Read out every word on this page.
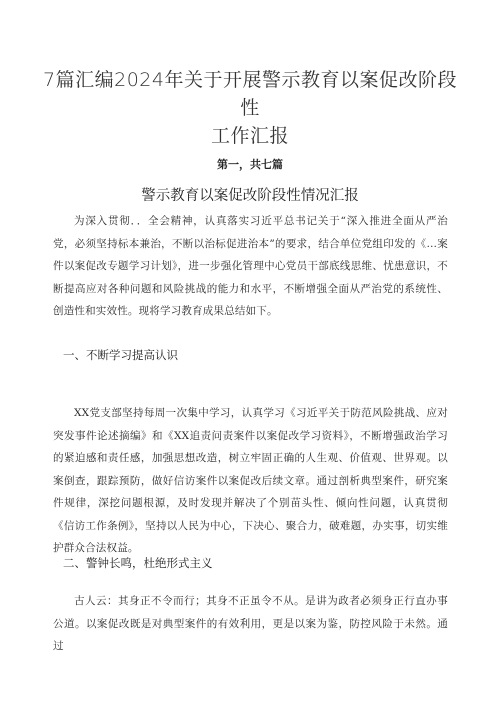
7篇汇编2024年关于开展警示教育以案促改阶段性
工作汇报
第一，共七篇
警示教育以案促改阶段性情况汇报
为深入贯彻．．全会精神，认真落实习近平总书记关于“深入推进全面从严治党，必须坚持标本兼治，不断以治标促进治本”的要求，结合单位党组印发的《…案件以案促改专题学习计划》，进一步强化管理中心党员干部底线思维、忧患意识，不断提高应对各种问题和风险挑战的能力和水平，不断增强全面从严治党的系统性、创造性和实效性。现将学习教育成果总结如下。
一、不断学习提高认识
XX党支部坚持每周一次集中学习，认真学习《习近平关于防范风险挑战、应对突发事件论述摘编》和《XX追责问责案件以案促改学习资料》，不断增强政治学习的紧迫感和责任感，加强思想改造，树立牢固正确的人生观、价值观、世界观。以案倒查，跟踪预防，做好信访案件以案促改后续文章。通过剖析典型案件，研究案件规律，深挖问题根源，及时发现并解决了个别苗头性、倾向性问题，认真贯彻《信访工作条例》，坚持以人民为中心，下决心、聚合力，破难题，办实事，切实维护群众合法权益。
二、警钟长鸣，杜绝形式主义
古人云：其身正不令而行；其身不正虽令不从。是讲为政者必须身正行直办事公道。以案促改既是对典型案件的有效利用，更是以案为鉴，防控风险于未然。通过
